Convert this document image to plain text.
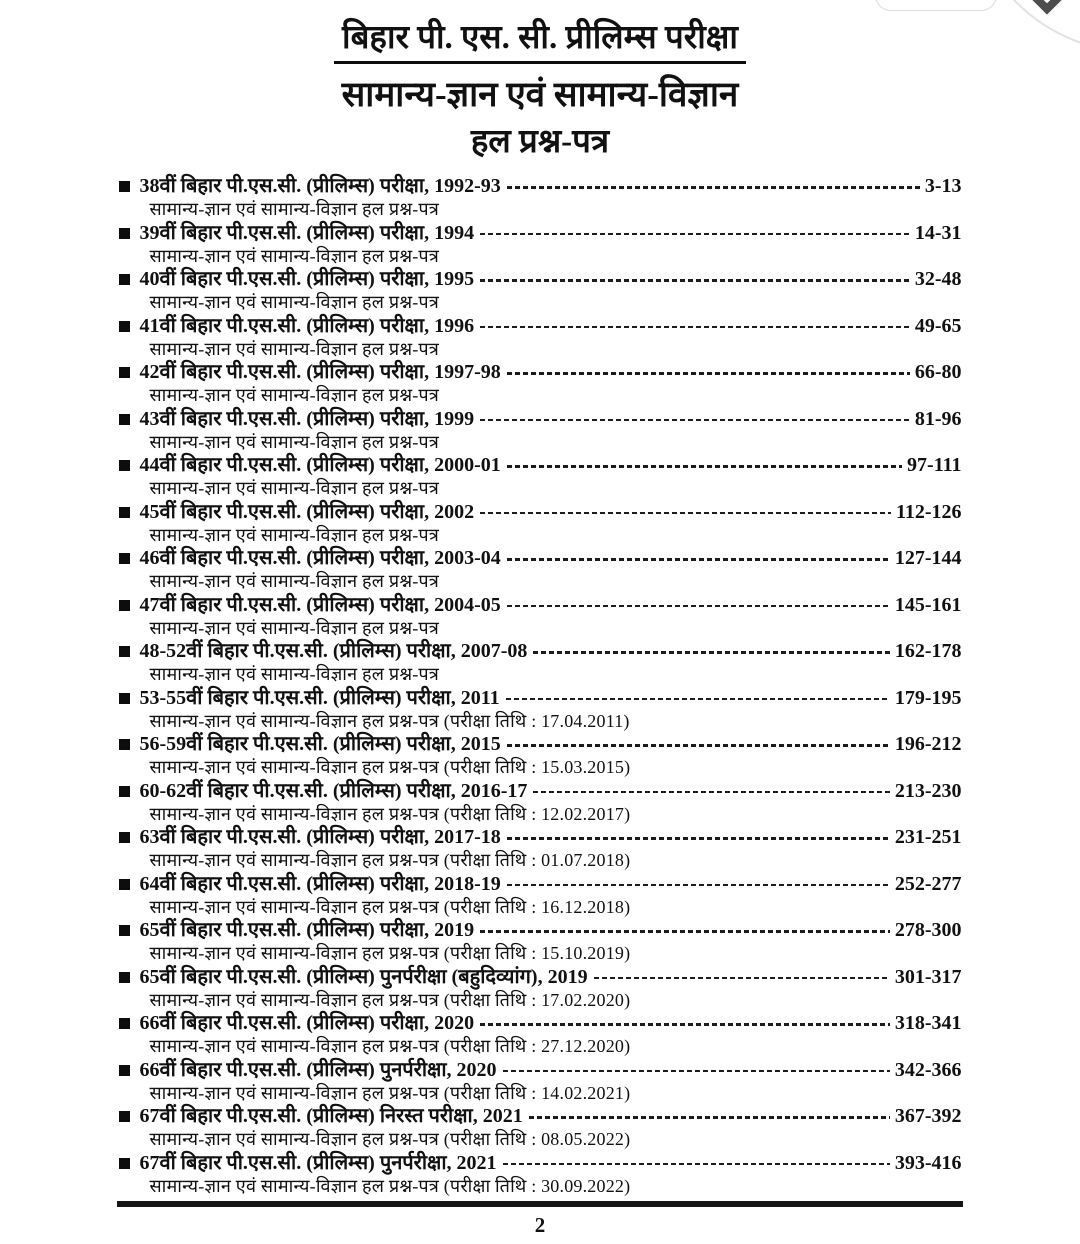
बिहार पी. एस. सी. प्रीलिम्स परीक्षा
सामान्य-ज्ञान एवं सामान्य-विज्ञान
हल प्रश्न-पत्र
38वीं बिहार पी.एस.सी. (प्रीलिम्स) परीक्षा, 1992-93	3-13
सामान्य-ज्ञान एवं सामान्य-विज्ञान हल प्रश्न-पत्र
39वीं बिहार पी.एस.सी. (प्रीलिम्स) परीक्षा, 1994	14-31
सामान्य-ज्ञान एवं सामान्य-विज्ञान हल प्रश्न-पत्र
40वीं बिहार पी.एस.सी. (प्रीलिम्स) परीक्षा, 1995	32-48
सामान्य-ज्ञान एवं सामान्य-विज्ञान हल प्रश्न-पत्र
41वीं बिहार पी.एस.सी. (प्रीलिम्स) परीक्षा, 1996	49-65
सामान्य-ज्ञान एवं सामान्य-विज्ञान हल प्रश्न-पत्र
42वीं बिहार पी.एस.सी. (प्रीलिम्स) परीक्षा, 1997-98	66-80
सामान्य-ज्ञान एवं सामान्य-विज्ञान हल प्रश्न-पत्र
43वीं बिहार पी.एस.सी. (प्रीलिम्स) परीक्षा, 1999	81-96
सामान्य-ज्ञान एवं सामान्य-विज्ञान हल प्रश्न-पत्र
44वीं बिहार पी.एस.सी. (प्रीलिम्स) परीक्षा, 2000-01	97-111
सामान्य-ज्ञान एवं सामान्य-विज्ञान हल प्रश्न-पत्र
45वीं बिहार पी.एस.सी. (प्रीलिम्स) परीक्षा, 2002	112-126
सामान्य-ज्ञान एवं सामान्य-विज्ञान हल प्रश्न-पत्र
46वीं बिहार पी.एस.सी. (प्रीलिम्स) परीक्षा, 2003-04	127-144
सामान्य-ज्ञान एवं सामान्य-विज्ञान हल प्रश्न-पत्र
47वीं बिहार पी.एस.सी. (प्रीलिम्स) परीक्षा, 2004-05	145-161
सामान्य-ज्ञान एवं सामान्य-विज्ञान हल प्रश्न-पत्र
48-52वीं बिहार पी.एस.सी. (प्रीलिम्स) परीक्षा, 2007-08	162-178
सामान्य-ज्ञान एवं सामान्य-विज्ञान हल प्रश्न-पत्र
53-55वीं बिहार पी.एस.सी. (प्रीलिम्स) परीक्षा, 2011	179-195
सामान्य-ज्ञान एवं सामान्य-विज्ञान हल प्रश्न-पत्र (परीक्षा तिथि : 17.04.2011)
56-59वीं बिहार पी.एस.सी. (प्रीलिम्स) परीक्षा, 2015	196-212
सामान्य-ज्ञान एवं सामान्य-विज्ञान हल प्रश्न-पत्र (परीक्षा तिथि : 15.03.2015)
60-62वीं बिहार पी.एस.सी. (प्रीलिम्स) परीक्षा, 2016-17	213-230
सामान्य-ज्ञान एवं सामान्य-विज्ञान हल प्रश्न-पत्र (परीक्षा तिथि : 12.02.2017)
63वीं बिहार पी.एस.सी. (प्रीलिम्स) परीक्षा, 2017-18	231-251
सामान्य-ज्ञान एवं सामान्य-विज्ञान हल प्रश्न-पत्र (परीक्षा तिथि : 01.07.2018)
64वीं बिहार पी.एस.सी. (प्रीलिम्स) परीक्षा, 2018-19	252-277
सामान्य-ज्ञान एवं सामान्य-विज्ञान हल प्रश्न-पत्र (परीक्षा तिथि : 16.12.2018)
65वीं बिहार पी.एस.सी. (प्रीलिम्स) परीक्षा, 2019	278-300
सामान्य-ज्ञान एवं सामान्य-विज्ञान हल प्रश्न-पत्र (परीक्षा तिथि : 15.10.2019)
65वीं बिहार पी.एस.सी. (प्रीलिम्स) पुनर्परीक्षा (बहुदिव्यांग), 2019	301-317
सामान्य-ज्ञान एवं सामान्य-विज्ञान हल प्रश्न-पत्र (परीक्षा तिथि : 17.02.2020)
66वीं बिहार पी.एस.सी. (प्रीलिम्स) परीक्षा, 2020	318-341
सामान्य-ज्ञान एवं सामान्य-विज्ञान हल प्रश्न-पत्र (परीक्षा तिथि : 27.12.2020)
66वीं बिहार पी.एस.सी. (प्रीलिम्स) पुनर्परीक्षा, 2020	342-366
सामान्य-ज्ञान एवं सामान्य-विज्ञान हल प्रश्न-पत्र (परीक्षा तिथि : 14.02.2021)
67वीं बिहार पी.एस.सी. (प्रीलिम्स) निरस्त परीक्षा, 2021	367-392
सामान्य-ज्ञान एवं सामान्य-विज्ञान हल प्रश्न-पत्र (परीक्षा तिथि : 08.05.2022)
67वीं बिहार पी.एस.सी. (प्रीलिम्स) पुनर्परीक्षा, 2021	393-416
सामान्य-ज्ञान एवं सामान्य-विज्ञान हल प्रश्न-पत्र (परीक्षा तिथि : 30.09.2022)
2
